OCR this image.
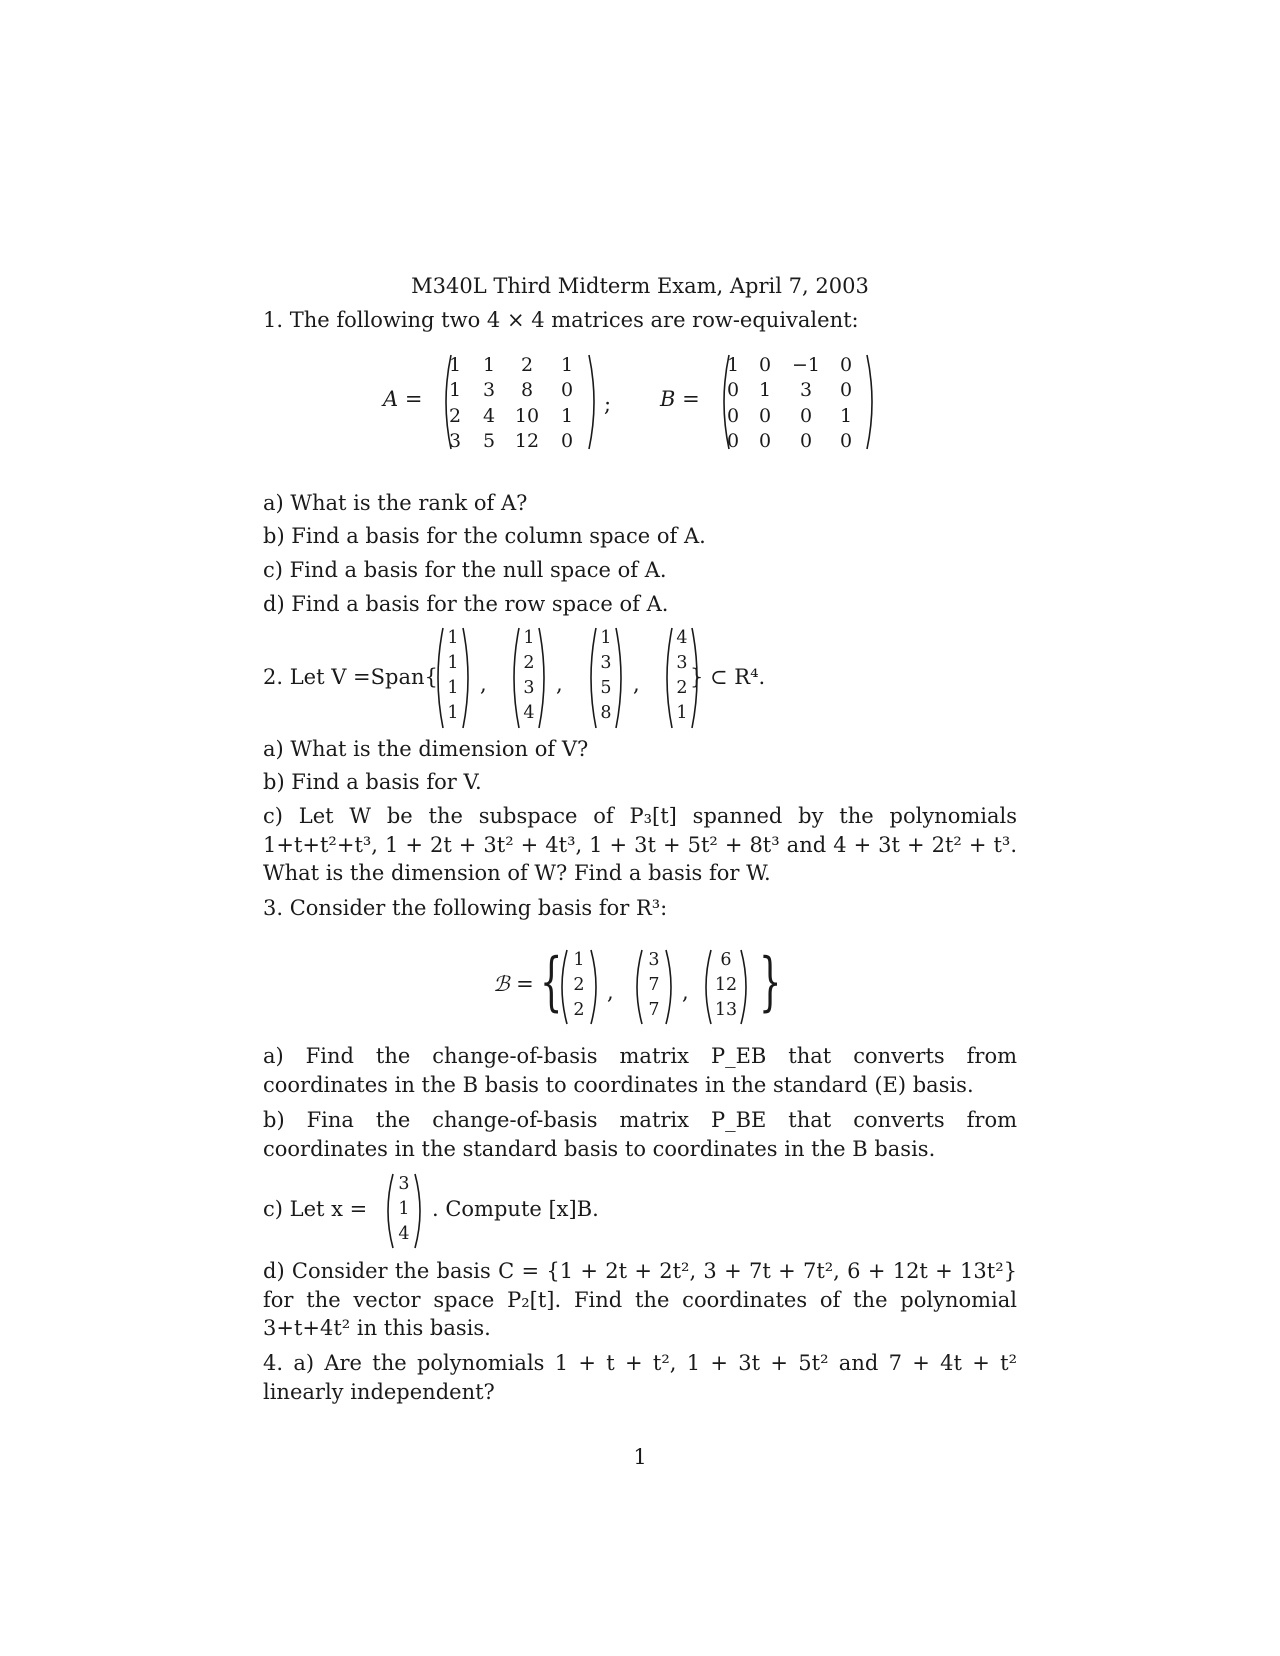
M340L Third Midterm Exam, April 7, 2003
1. The following two 4 × 4 matrices are row-equivalent:
A =
1	1	2	1
1	3	8	0
2	4	10	1
3	5	12	0
; B =
1	0	−1	0
0	1	3	0
0	0	0	1
0	0	0	0
a) What is the rank of A?
b) Find a basis for the column space of A.
c) Find a basis for the null space of A.
d) Find a basis for the row space of A.
2. Let V =Span{
1
1
1
1
,
1
2
3
4
,
1
3
5
8
,
4
3
2
1
} ⊂ R⁴.
a) What is the dimension of V?
b) Find a basis for V.
c) Let W be the subspace of P₃[t] spanned by the polynomials 1+t+t²+t³, 1 + 2t + 3t² + 4t³, 1 + 3t + 5t² + 8t³ and 4 + 3t + 2t² + t³. What is the dimension of W? Find a basis for W.
3. Consider the following basis for R³:
ℬ = { 1
2
2
,
3
7
7
,
6
12
13 }
a) Find the change-of-basis matrix P_EB that converts from coordinates in the B basis to coordinates in the standard (E) basis.
b) Fina the change-of-basis matrix P_BE that converts from coordinates in the standard basis to coordinates in the B basis.
c) Let x =
3
1
4
. Compute [x]B.
d) Consider the basis C = {1 + 2t + 2t², 3 + 7t + 7t², 6 + 12t + 13t²} for the vector space P₂[t]. Find the coordinates of the polynomial 3+t+4t² in this basis.
4. a) Are the polynomials 1 + t + t², 1 + 3t + 5t² and 7 + 4t + t² linearly independent?
1
